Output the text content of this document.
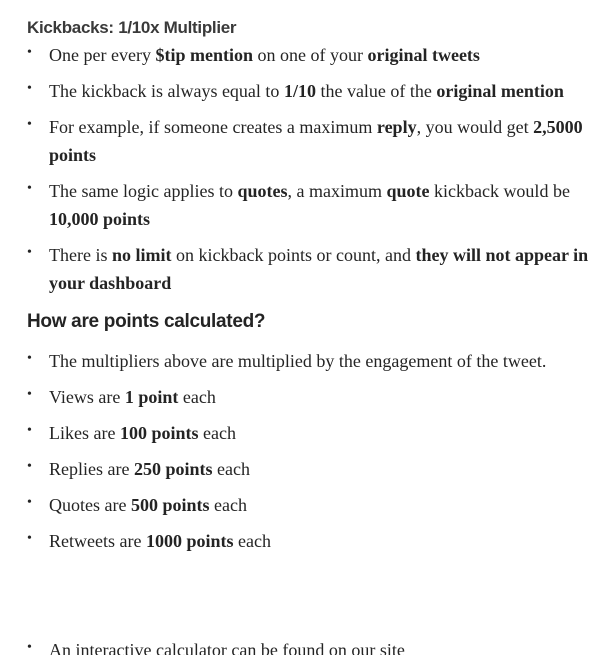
Kickbacks: 1/10x Multiplier
• One per every $tip mention on one of your original tweets
• The kickback is always equal to 1/10 the value of the original mention
• For example, if someone creates a maximum reply, you would get 2,5000 points
• The same logic applies to quotes, a maximum quote kickback would be 10,000 points
• There is no limit on kickback points or count, and they will not appear in your dashboard
How are points calculated?
• The multipliers above are multiplied by the engagement of the tweet.
• Views are 1 point each
• Likes are 100 points each
• Replies are 250 points each
• Quotes are 500 points each
• Retweets are 1000 points each
• An interactive calculator can be found on our site
